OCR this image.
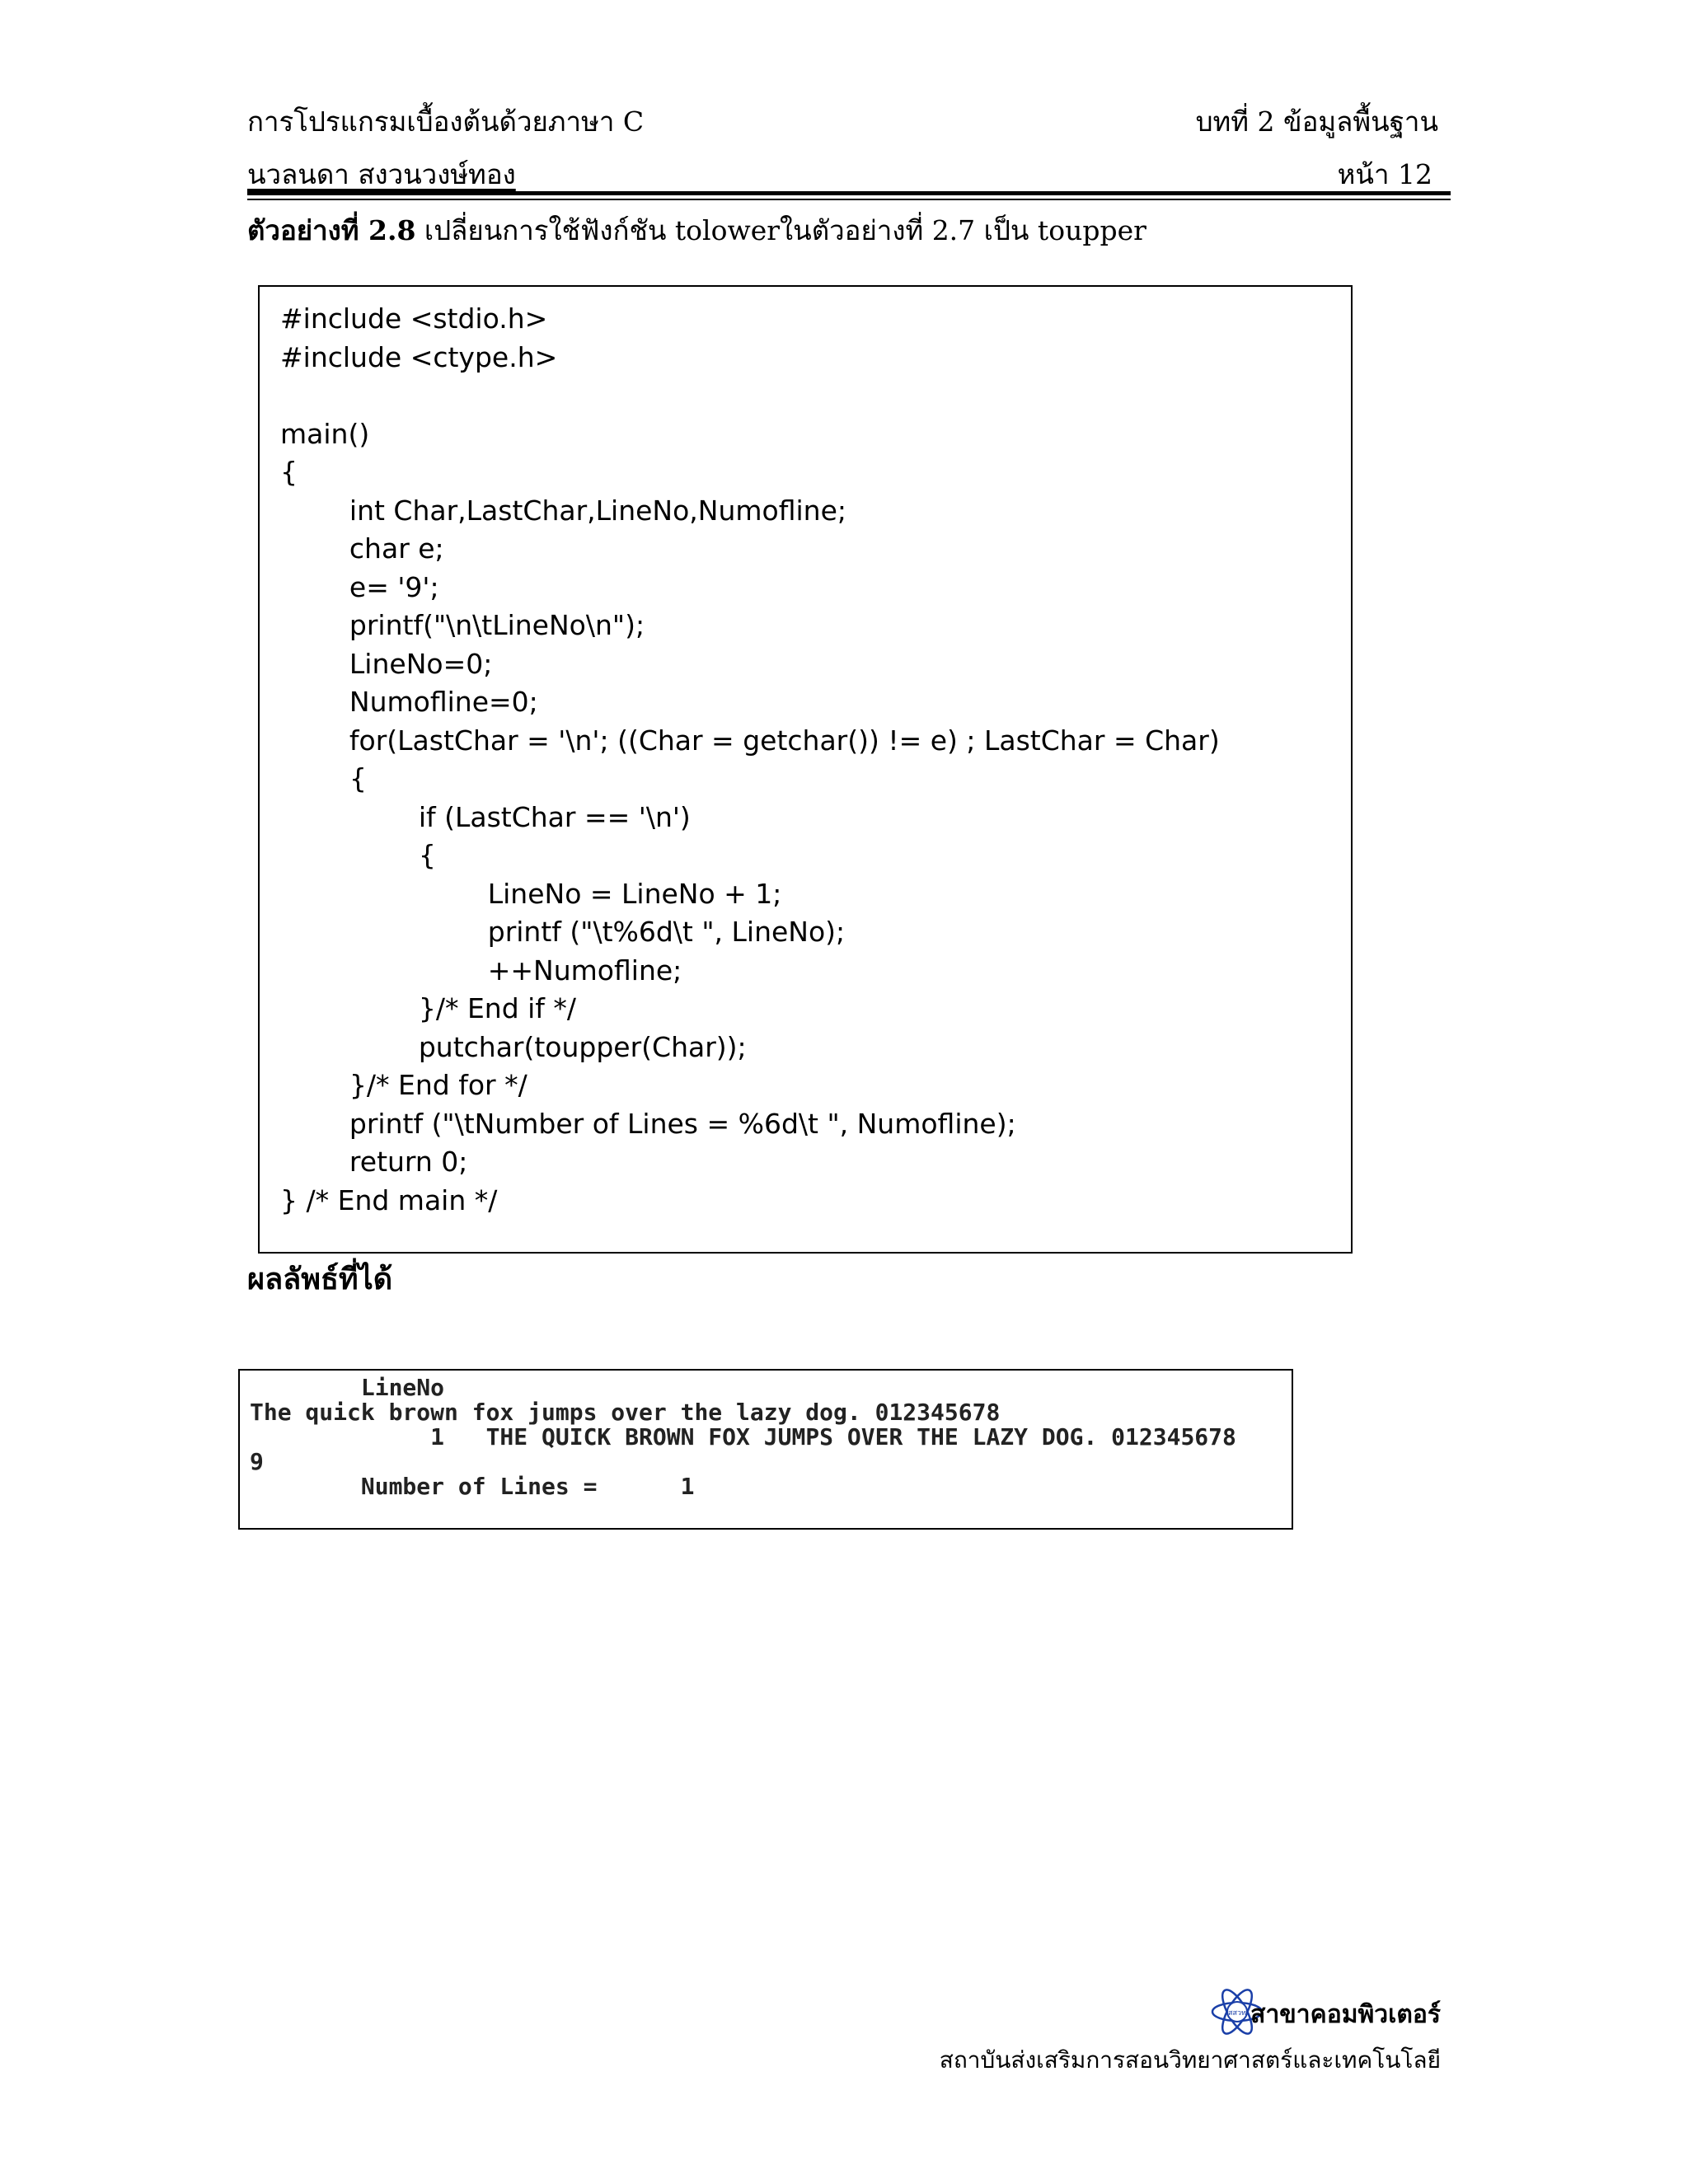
การโปรแกรมเบื้องต้นด้วยภาษา C	บทที่ 2 ข้อมูลพื้นฐาน
นวลนดา สงวนวงษ์ทอง	หน้า 12
ตัวอย่างที่ 2.8 เปลี่ยนการใช้ฟังก์ชัน tolowerในตัวอย่างที่ 2.7 เป็น toupper
#include <stdio.h>
#include <ctype.h>
main()
{
int Char,LastChar,LineNo,Numofline;
char e;
e= '9';
printf("\n\tLineNo\n");
LineNo=0;
Numofline=0;
for(LastChar = '\n'; ((Char = getchar()) != e) ; LastChar = Char)
{
if (LastChar == '\n')
{
LineNo = LineNo + 1;
printf ("\t%6d\t ", LineNo);
++Numofline;
}/* End if */
putchar(toupper(Char));
}/* End for */
printf ("\tNumber of Lines = %6d\t ", Numofline);
return 0;
} /* End main */
ผลลัพธ์ที่ได้
LineNo
The quick brown fox jumps over the lazy dog. 012345678
1   THE QUICK BROWN FOX JUMPS OVER THE LAZY DOG. 012345678
9
Number of Lines =      1
สสวท สาขาคอมพิวเตอร์
สถาบันส่งเสริมการสอนวิทยาศาสตร์และเทคโนโลยี
